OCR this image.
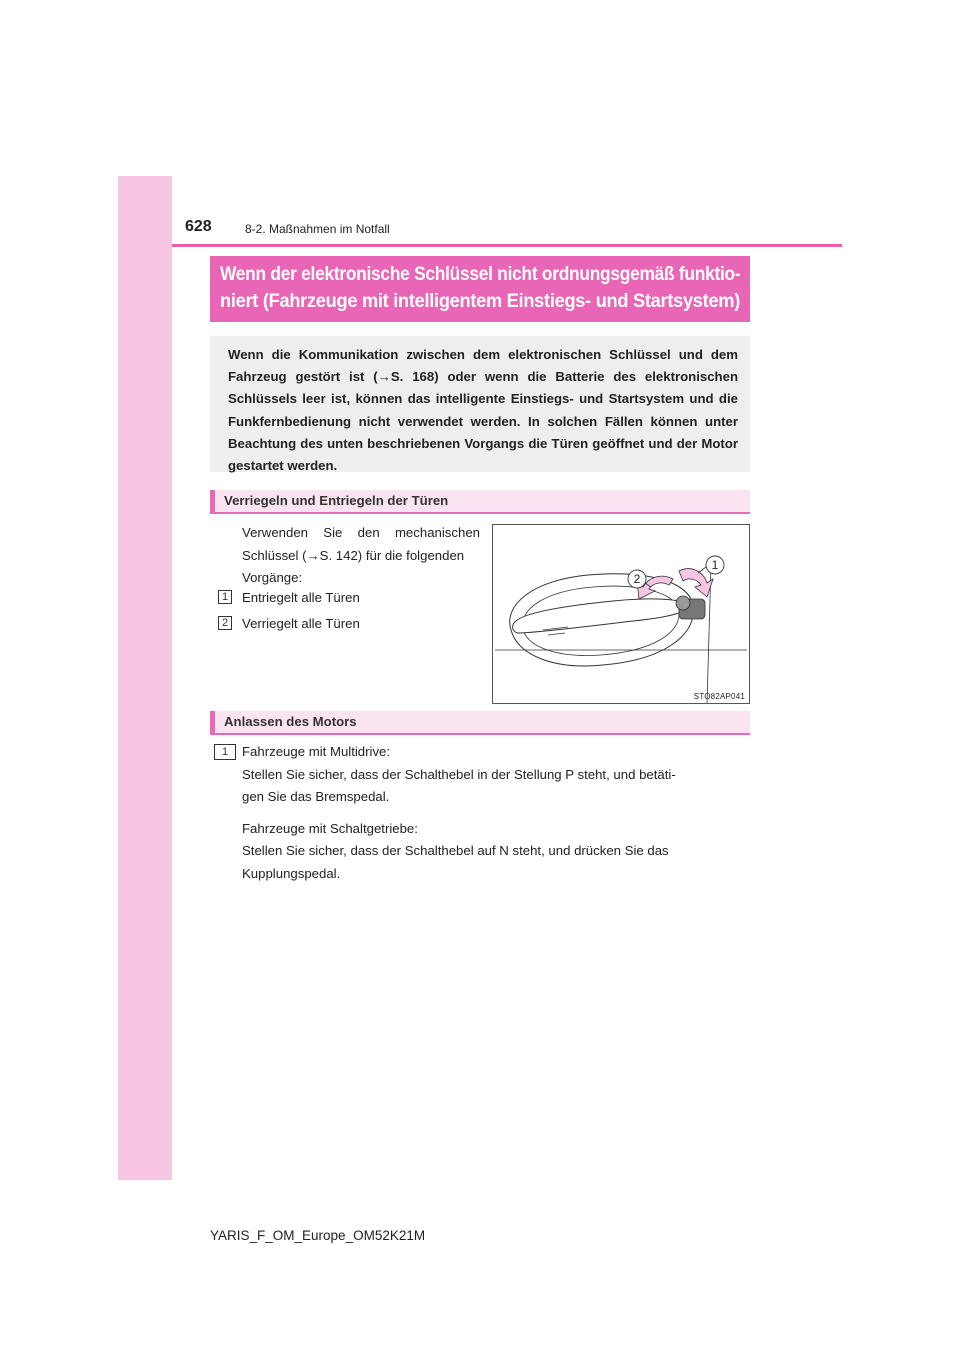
628	8-2. Maßnahmen im Notfall
Wenn der elektronische Schlüssel nicht ordnungsgemäß funktio-
niert (Fahrzeuge mit intelligentem Einstiegs- und Startsystem)
Wenn die Kommunikation zwischen dem elektronischen Schlüssel und dem Fahrzeug gestört ist (→S. 168) oder wenn die Batterie des elektronischen Schlüssels leer ist, können das intelligente Einstiegs- und Startsystem und die Funkfernbedienung nicht verwendet werden. In solchen Fällen können unter Beachtung des unten beschriebenen Vorgangs die Türen geöffnet und der Motor gestartet werden.
Verriegeln und Entriegeln der Türen
Verwenden Sie den mechanischen
Schlüssel (→S. 142) für die folgenden
Vorgänge:
1 Entriegelt alle Türen
2 Verriegelt alle Türen
1
2
STO82AP041
Anlassen des Motors
1	Fahrzeuge mit Multidrive:
Stellen Sie sicher, dass der Schalthebel in der Stellung P steht, und betäti-
gen Sie das Bremspedal.
Fahrzeuge mit Schaltgetriebe:
Stellen Sie sicher, dass der Schalthebel auf N steht, und drücken Sie das
Kupplungspedal.
YARIS_F_OM_Europe_OM52K21M
